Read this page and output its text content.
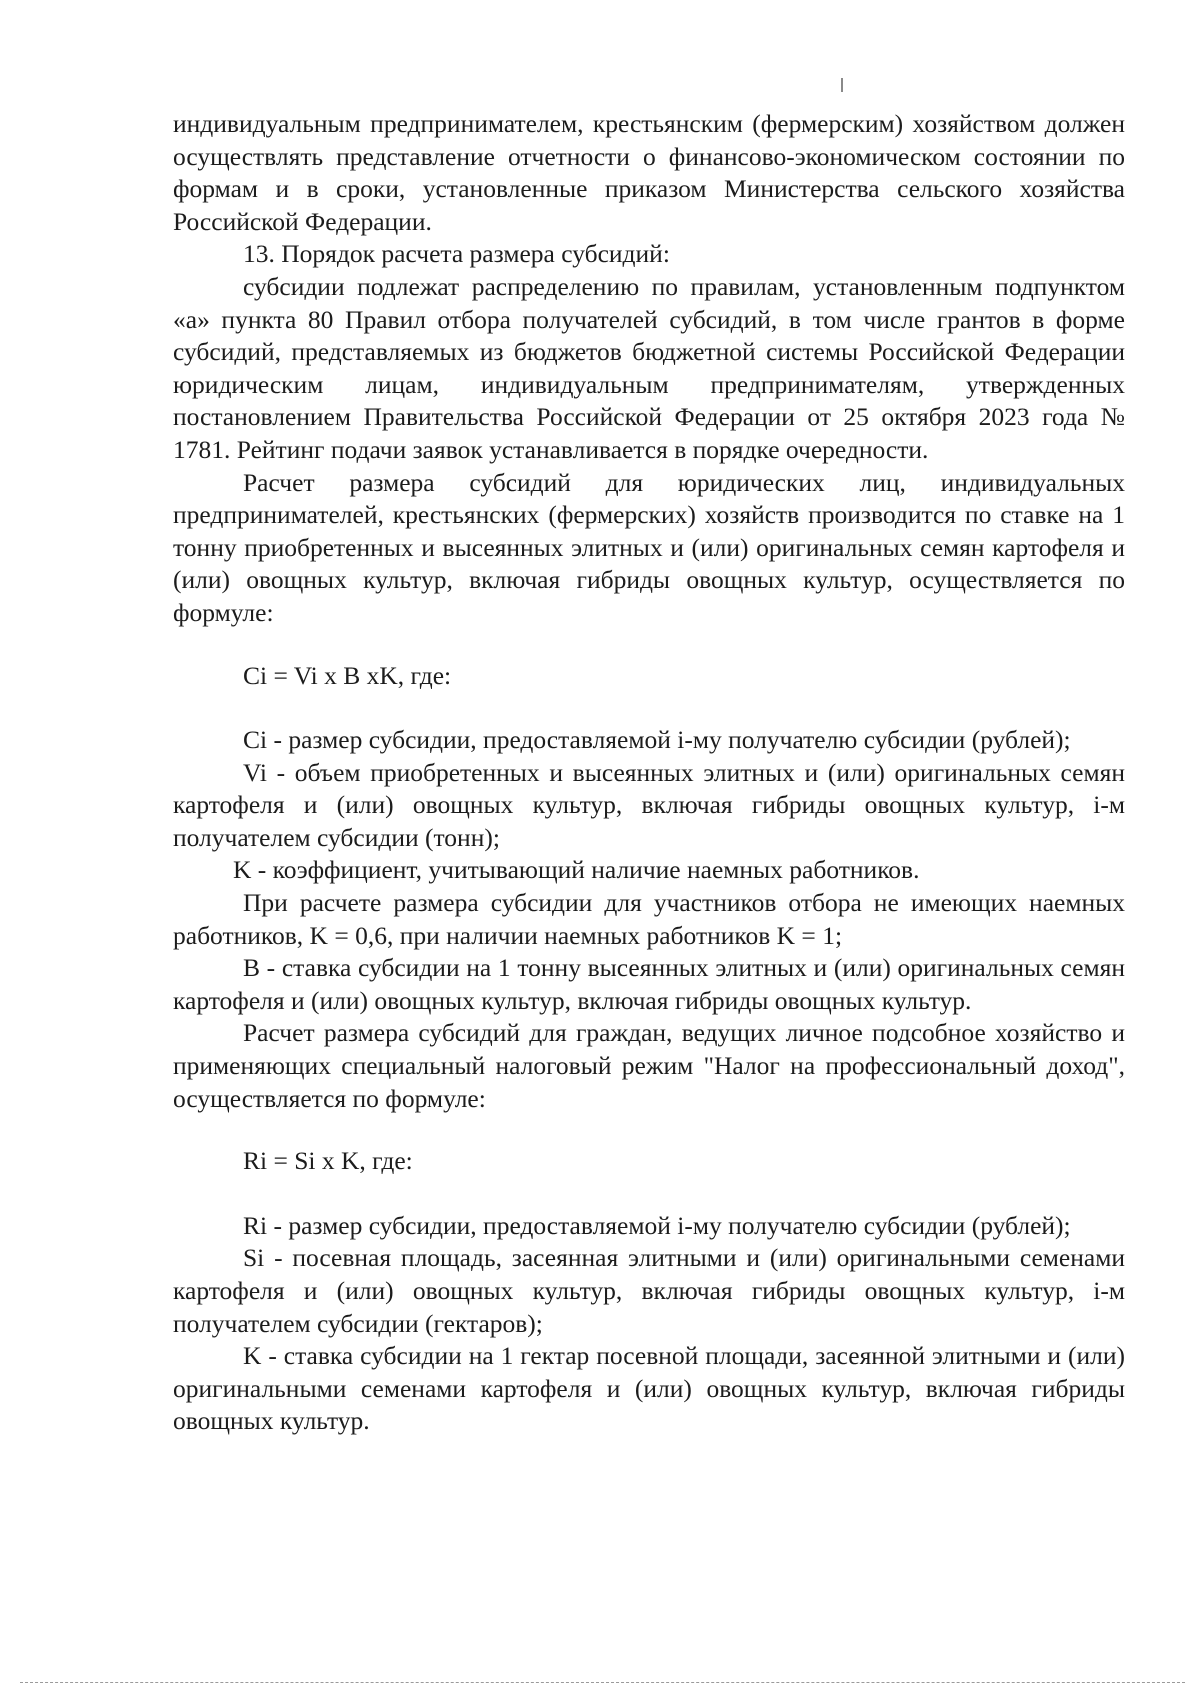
индивидуальным предпринимателем, крестьянским (фермерским) хозяйством должен осуществлять представление отчетности о финансово-экономическом состоянии по формам и в сроки, установленные приказом Министерства сельского хозяйства Российской Федерации.

13. Порядок расчета размера субсидий:

субсидии подлежат распределению по правилам, установленным подпунктом «а» пункта 80 Правил отбора получателей субсидий, в том числе грантов в форме субсидий, представляемых из бюджетов бюджетной системы Российской Федерации юридическим лицам, индивидуальным предпринимателям, утвержденных постановлением Правительства Российской Федерации от 25 октября 2023 года № 1781. Рейтинг подачи заявок устанавливается в порядке очередности.

Расчет размера субсидий для юридических лиц, индивидуальных предпринимателей, крестьянских (фермерских) хозяйств производится по ставке на 1 тонну приобретенных и высеянных элитных и (или) оригинальных семян картофеля и (или) овощных культур, включая гибриды овощных культур, осуществляется по формуле:

Ci = Vi x B xK, где:

Ci - размер субсидии, предоставляемой i-му получателю субсидии (рублей);

Vi - объем приобретенных и высеянных элитных и (или) оригинальных семян картофеля и (или) овощных культур, включая гибриды овощных культур, i-м получателем субсидии (тонн);

K - коэффициент, учитывающий наличие наемных работников.

При расчете размера субсидии для участников отбора не имеющих наемных работников, K = 0,6, при наличии наемных работников K = 1;

B - ставка субсидии на 1 тонну высеянных элитных и (или) оригинальных семян картофеля и (или) овощных культур, включая гибриды овощных культур.

Расчет размера субсидий для граждан, ведущих личное подсобное хозяйство и применяющих специальный налоговый режим "Налог на профессиональный доход", осуществляется по формуле:

Ri = Si x K, где:

Ri - размер субсидии, предоставляемой i-му получателю субсидии (рублей);

Si - посевная площадь, засеянная элитными и (или) оригинальными семенами картофеля и (или) овощных культур, включая гибриды овощных культур, i-м получателем субсидии (гектаров);

K - ставка субсидии на 1 гектар посевной площади, засеянной элитными и (или) оригинальными семенами картофеля и (или) овощных культур, включая гибриды овощных культур.
